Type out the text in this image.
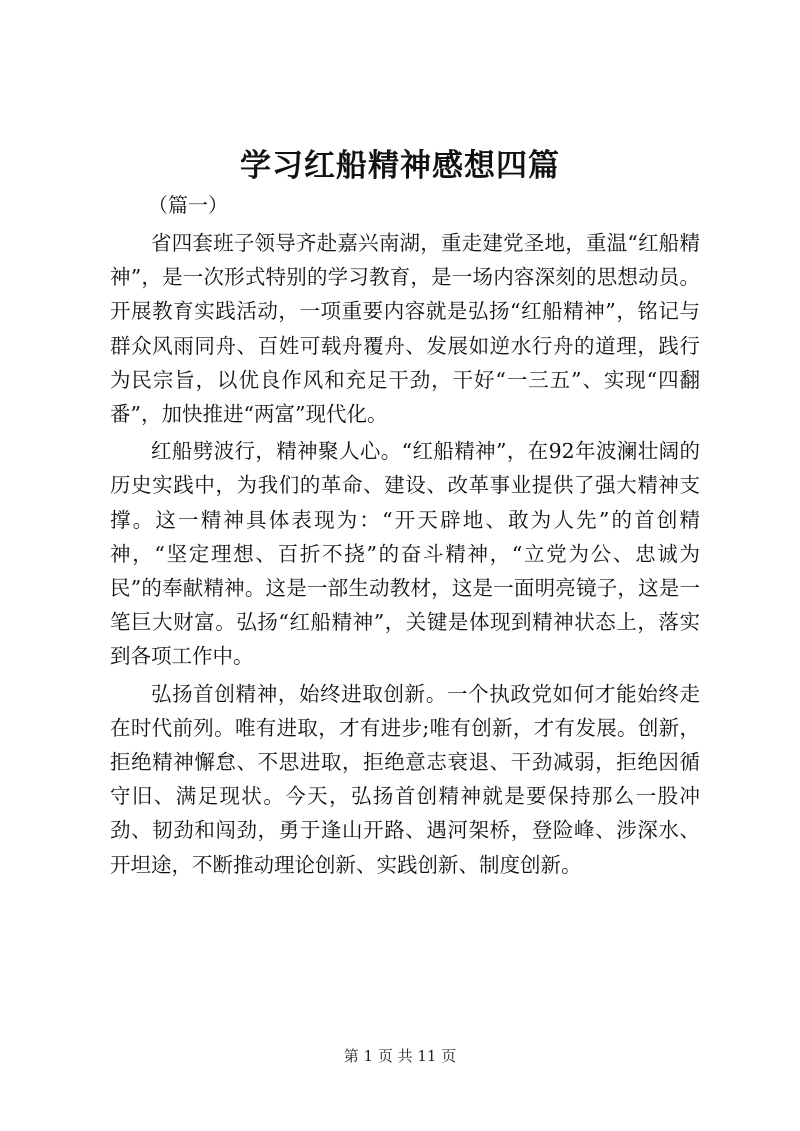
学习红船精神感想四篇

（篇一）

省四套班子领导齐赴嘉兴南湖，重走建党圣地，重温“红船精神”，是一次形式特别的学习教育，是一场内容深刻的思想动员。开展教育实践活动，一项重要内容就是弘扬“红船精神”，铭记与群众风雨同舟、百姓可载舟覆舟、发展如逆水行舟的道理，践行为民宗旨，以优良作风和充足干劲，干好“一三五”、实现“四翻番”，加快推进“两富”现代化。

红船劈波行，精神聚人心。“红船精神”，在92年波澜壮阔的历史实践中，为我们的革命、建设、改革事业提供了强大精神支撑。这一精神具体表现为：“开天辟地、敢为人先”的首创精神，“坚定理想、百折不挠”的奋斗精神，“立党为公、忠诚为民”的奉献精神。这是一部生动教材，这是一面明亮镜子，这是一笔巨大财富。弘扬“红船精神”，关键是体现到精神状态上，落实到各项工作中。

弘扬首创精神，始终进取创新。一个执政党如何才能始终走在时代前列。唯有进取，才有进步;唯有创新，才有发展。创新，拒绝精神懈怠、不思进取，拒绝意志衰退、干劲减弱，拒绝因循守旧、满足现状。今天，弘扬首创精神就是要保持那么一股冲劲、韧劲和闯劲，勇于逢山开路、遇河架桥，登险峰、涉深水、开坦途，不断推动理论创新、实践创新、制度创新。

第 1 页 共 11 页
